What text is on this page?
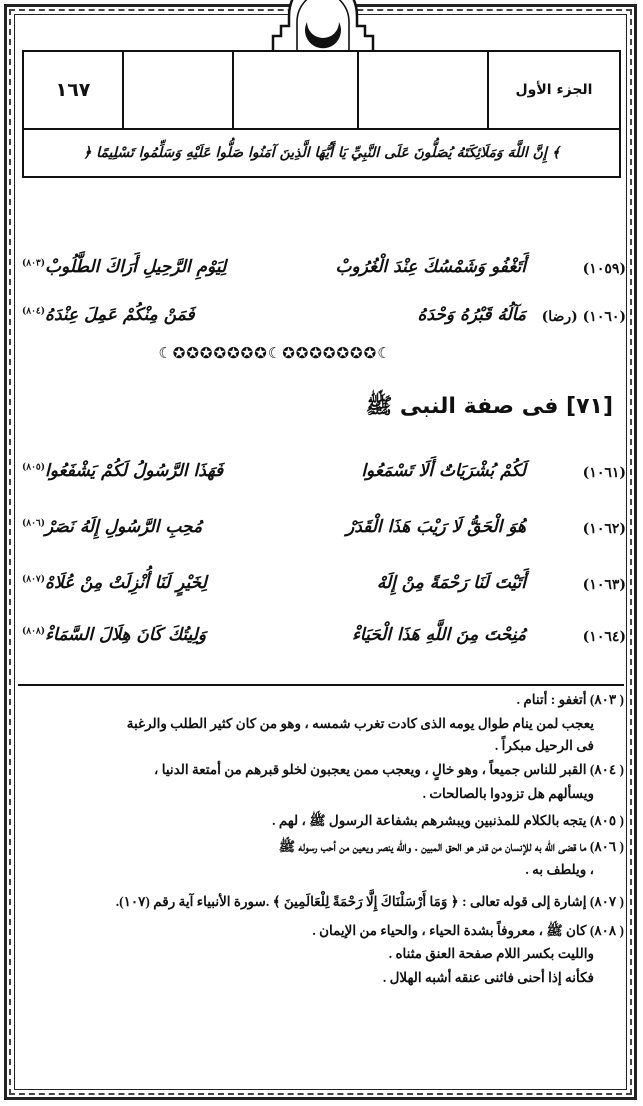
١٦٧	الجزء الأول
﴿ إِنَّ اللَّهَ وَمَلَائِكَتَهُ يُصَلُّونَ عَلَى النَّبِيِّ يَا أَيُّهَا الَّذِينَ آمَنُوا صَلُّوا عَلَيْهِ وَسَلِّمُوا تَسْلِيمًا ﴾
(١٠٥٩)
أَتَغْفُو وَشَمْسُكَ عِنْدَ الْغُرُوبْ
لِيَوْمِ الرَّحِيلِ أَرَاكَ الطَّلُوبْ$^{(٨٠٣)}$
(١٠٦٠) (رضا)
مَآلُهُ قَبْرُهُ وَحْدَهُ
فَمَنْ مِنْكُمْ عَمِلَ عِنْدَهُ$^{(٨٠٤)}$
☾✪✪✪✪✪✪✪☾✪✪✪✪✪✪✪☾
[٧١] فى صفة النبى ﷺ
(١٠٦١)
لَكُمْ بُشْرَيَاتٌ أَلَا تَسْمَعُوا
فَهَذَا الرَّسُولُ لَكُمْ يَشْفَعُوا$^{(٨٠٥)}$
(١٠٦٢)
هُوَ الْحَقُّ لَا رَيْبَ هَذَا الْقَدَرْ
مُحِبِ الرَّسُولِ إِلَهُ نَصَرْ$^{(٨٠٦)}$
(١٠٦٣)
أَتَيْتَ لَنَا رَحْمَةً مِنْ إِلَهْ
لِخَيْرٍ لَنَا أُنْزِلَتْ مِنْ عُلَاهْ$^{(٨٠٧)}$
(١٠٦٤)
مُنِحْتَ مِنَ اللَّهِ هَذَا الْحَيَاءْ
وَلِيتُكَ كَانَ هِلَالَ السَّمَاءْ$^{(٨٠٨)}$
( ٨٠٣) أتغفو : أتنام .
يعجب لمن ينام طوال يومه الذى كادت تغرب شمسه ، وهو من كان كثير الطلب والرغبة
فى الرحيل مبكراً .
( ٨٠٤) القبر للناس جميعاً ، وهو خالٍ ، ويعجب ممن يعجبون لخلو قبرهم من أمتعة الدنيا ،
ويسألهم هل تزودوا بالصالحات .
( ٨٠٥) يتجه بالكلام للمذنبين ويبشرهم بشفاعة الرسول ﷺ ، لهم .
( ٨٠٦) ما قضى الله به للإنسان من قدر هو الحق المبين . والله ينصر ويعين من أحب رسوله ﷺ
، ويلطف به .
( ٨٠٧) إشارة إلى قوله تعالى : ﴿ وَمَا أَرْسَلْنَاكَ إِلَّا رَحْمَةً لِلْعَالَمِينَ ﴾ .سورة الأنبياء آية رقم (١٠٧).
( ٨٠٨) كان ﷺ ، معروفاً بشدة الحياء ، والحياء من الإيمان .
والليت بكسر اللام صفحة العنق مثناه .
فكأنه إذا أحنى فاثنى عنقه أشبه الهلال .
